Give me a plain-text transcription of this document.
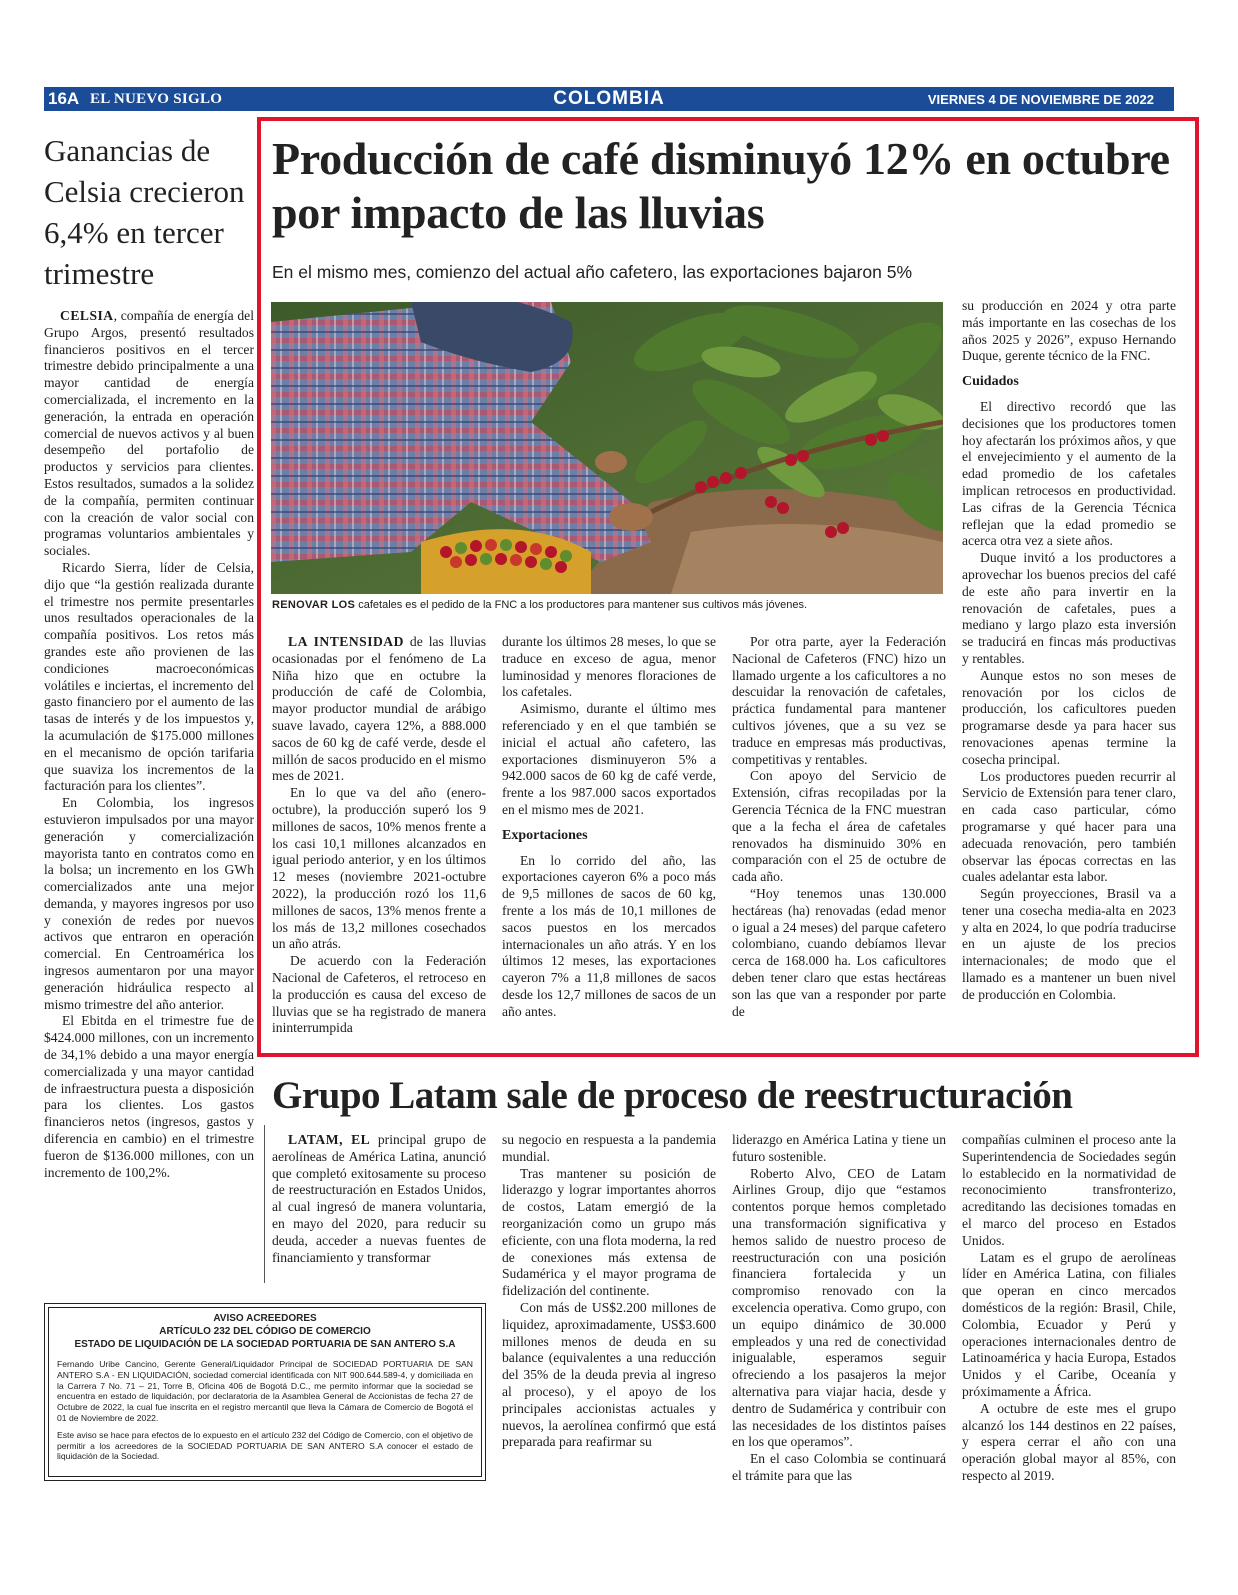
16A EL NUEVO SIGLO	COLOMBIA	VIERNES 4 DE NOVIEMBRE DE 2022
Ganancias de Celsia crecieron 6,4% en tercer trimestre

CELSIA, compañía de energía del Grupo Argos, presentó resultados financieros positivos en el tercer trimestre debido principalmente a una mayor cantidad de energía comercializada, el incremento en la generación, la entrada en operación comercial de nuevos activos y al buen desempeño del portafolio de productos y servicios para clientes. Estos resultados, sumados a la solidez de la compañía, permiten continuar con la creación de valor social con programas voluntarios ambientales y sociales.

Ricardo Sierra, líder de Celsia, dijo que “la gestión realizada durante el trimestre nos permite presentarles unos resultados operacionales de la compañía positivos. Los retos más grandes este año provienen de las condiciones macroeconómicas volátiles e inciertas, el incremento del gasto financiero por el aumento de las tasas de interés y de los impuestos y, la acumulación de $175.000 millones en el mecanismo de opción tarifaria que suaviza los incrementos de la facturación para los clientes”.

En Colombia, los ingresos estuvieron impulsados por una mayor generación y comercialización mayorista tanto en contratos como en la bolsa; un incremento en los GWh comercializados ante una mejor demanda, y mayores ingresos por uso y conexión de redes por nuevos activos que entraron en operación comercial. En Centroamérica los ingresos aumentaron por una mayor generación hidráulica respecto al mismo trimestre del año anterior.

El Ebitda en el trimestre fue de $424.000 millones, con un incremento de 34,1% debido a una mayor energía comercializada y una mayor cantidad de infraestructura puesta a disposición para los clientes. Los gastos financieros netos (ingresos, gastos y diferencia en cambio) en el trimestre fueron de $136.000 millones, con un incremento de 100,2%.

Producción de café disminuyó 12% en octubre por impacto de las lluvias
En el mismo mes, comienzo del actual año cafetero, las exportaciones bajaron 5%
RENOVAR LOS cafetales es el pedido de la FNC a los productores para mantener sus cultivos más jóvenes.

LA INTENSIDAD de las lluvias ocasionadas por el fenómeno de La Niña hizo que en octubre la producción de café de Colombia, mayor productor mundial de arábigo suave lavado, cayera 12%, a 888.000 sacos de 60 kg de café verde, desde el millón de sacos producido en el mismo mes de 2021.

En lo que va del año (enero-octubre), la producción superó los 9 millones de sacos, 10% menos frente a los casi 10,1 millones alcanzados en igual periodo anterior, y en los últimos 12 meses (noviembre 2021-octubre 2022), la producción rozó los 11,6 millones de sacos, 13% menos frente a los más de 13,2 millones cosechados un año atrás.

De acuerdo con la Federación Nacional de Cafeteros, el retroceso en la producción es causa del exceso de lluvias que se ha registrado de manera ininterrumpida

durante los últimos 28 meses, lo que se traduce en exceso de agua, menor luminosidad y menores floraciones de los cafetales.

Asimismo, durante el último mes referenciado y en el que también se inicial el actual año cafetero, las exportaciones disminuyeron 5% a 942.000 sacos de 60 kg de café verde, frente a los 987.000 sacos exportados en el mismo mes de 2021.

Exportaciones

En lo corrido del año, las exportaciones cayeron 6% a poco más de 9,5 millones de sacos de 60 kg, frente a los más de 10,1 millones de sacos puestos en los mercados internacionales un año atrás. Y en los últimos 12 meses, las exportaciones cayeron 7% a 11,8 millones de sacos desde los 12,7 millones de sacos de un año antes.

Por otra parte, ayer la Federación Nacional de Cafeteros (FNC) hizo un llamado urgente a los caficultores a no descuidar la renovación de cafetales, práctica fundamental para mantener cultivos jóvenes, que a su vez se traduce en empresas más productivas, competitivas y rentables.

Con apoyo del Servicio de Extensión, cifras recopiladas por la Gerencia Técnica de la FNC muestran que a la fecha el área de cafetales renovados ha disminuido 30% en comparación con el 25 de octubre de cada año.

“Hoy tenemos unas 130.000 hectáreas (ha) renovadas (edad menor o igual a 24 meses) del parque cafetero colombiano, cuando debíamos llevar cerca de 168.000 ha. Los caficultores deben tener claro que estas hectáreas son las que van a responder por parte de

su producción en 2024 y otra parte más importante en las cosechas de los años 2025 y 2026”, expuso Hernando Duque, gerente técnico de la FNC.

Cuidados

El directivo recordó que las decisiones que los productores tomen hoy afectarán los próximos años, y que el envejecimiento y el aumento de la edad promedio de los cafetales implican retrocesos en productividad. Las cifras de la Gerencia Técnica reflejan que la edad promedio se acerca otra vez a siete años.

Duque invitó a los productores a aprovechar los buenos precios del café de este año para invertir en la renovación de cafetales, pues a mediano y largo plazo esta inversión se traducirá en fincas más productivas y rentables.

Aunque estos no son meses de renovación por los ciclos de producción, los caficultores pueden programarse desde ya para hacer sus renovaciones apenas termine la cosecha principal.

Los productores pueden recurrir al Servicio de Extensión para tener claro, en cada caso particular, cómo programarse y qué hacer para una adecuada renovación, pero también observar las épocas correctas en las cuales adelantar esta labor.

Según proyecciones, Brasil va a tener una cosecha media-alta en 2023 y alta en 2024, lo que podría traducirse en un ajuste de los precios internacionales; de modo que el llamado es a mantener un buen nivel de producción en Colombia.

Grupo Latam sale de proceso de reestructuración

LATAM, EL principal grupo de aerolíneas de América Latina, anunció que completó exitosamente su proceso de reestructuración en Estados Unidos, al cual ingresó de manera voluntaria, en mayo del 2020, para reducir su deuda, acceder a nuevas fuentes de financiamiento y transformar

su negocio en respuesta a la pandemia mundial.

Tras mantener su posición de liderazgo y lograr importantes ahorros de costos, Latam emergió de la reorganización como un grupo más eficiente, con una flota moderna, la red de conexiones más extensa de Sudamérica y el mayor programa de fidelización del continente.

Con más de US$2.200 millones de liquidez, aproximadamente, US$3.600 millones menos de deuda en su balance (equivalentes a una reducción del 35% de la deuda previa al ingreso al proceso), y el apoyo de los principales accionistas actuales y nuevos, la aerolínea confirmó que está preparada para reafirmar su

liderazgo en América Latina y tiene un futuro sostenible.

Roberto Alvo, CEO de Latam Airlines Group, dijo que “estamos contentos porque hemos completado una transformación significativa y hemos salido de nuestro proceso de reestructuración con una posición financiera fortalecida y un compromiso renovado con la excelencia operativa. Como grupo, con un equipo dinámico de 30.000 empleados y una red de conectividad inigualable, esperamos seguir ofreciendo a los pasajeros la mejor alternativa para viajar hacia, desde y dentro de Sudamérica y contribuir con las necesidades de los distintos países en los que operamos”.

En el caso Colombia se continuará el trámite para que las

compañías culminen el proceso ante la Superintendencia de Sociedades según lo establecido en la normatividad de reconocimiento transfronterizo, acreditando las decisiones tomadas en el marco del proceso en Estados Unidos.

Latam es el grupo de aerolíneas líder en América Latina, con filiales que operan en cinco mercados domésticos de la región: Brasil, Chile, Colombia, Ecuador y Perú y operaciones internacionales dentro de Latinoamérica y hacia Europa, Estados Unidos y el Caribe, Oceanía y próximamente a África.

A octubre de este mes el grupo alcanzó los 144 destinos en 22 países, y espera cerrar el año con una operación global mayor al 85%, con respecto al 2019.

AVISO ACREEDORES
ARTÍCULO 232 DEL CÓDIGO DE COMERCIO
ESTADO DE LIQUIDACIÓN DE LA SOCIEDAD PORTUARIA DE SAN ANTERO S.A
Fernando Uribe Cancino, Gerente General/Liquidador Principal de SOCIEDAD PORTUARIA DE SAN ANTERO S.A - EN LIQUIDACIÓN, sociedad comercial identificada con NIT 900.644.589-4, y domiciliada en la Carrera 7 No. 71 – 21, Torre B, Oficina 406 de Bogotá D.C., me permito informar que la sociedad se encuentra en estado de liquidación, por declaratoria de la Asamblea General de Accionistas de fecha 27 de Octubre de 2022, la cual fue inscrita en el registro mercantil que lleva la Cámara de Comercio de Bogotá el 01 de Noviembre de 2022.
Este aviso se hace para efectos de lo expuesto en el artículo 232 del Código de Comercio, con el objetivo de permitir a los acreedores de la SOCIEDAD PORTUARIA DE SAN ANTERO S.A conocer el estado de liquidación de la Sociedad.
